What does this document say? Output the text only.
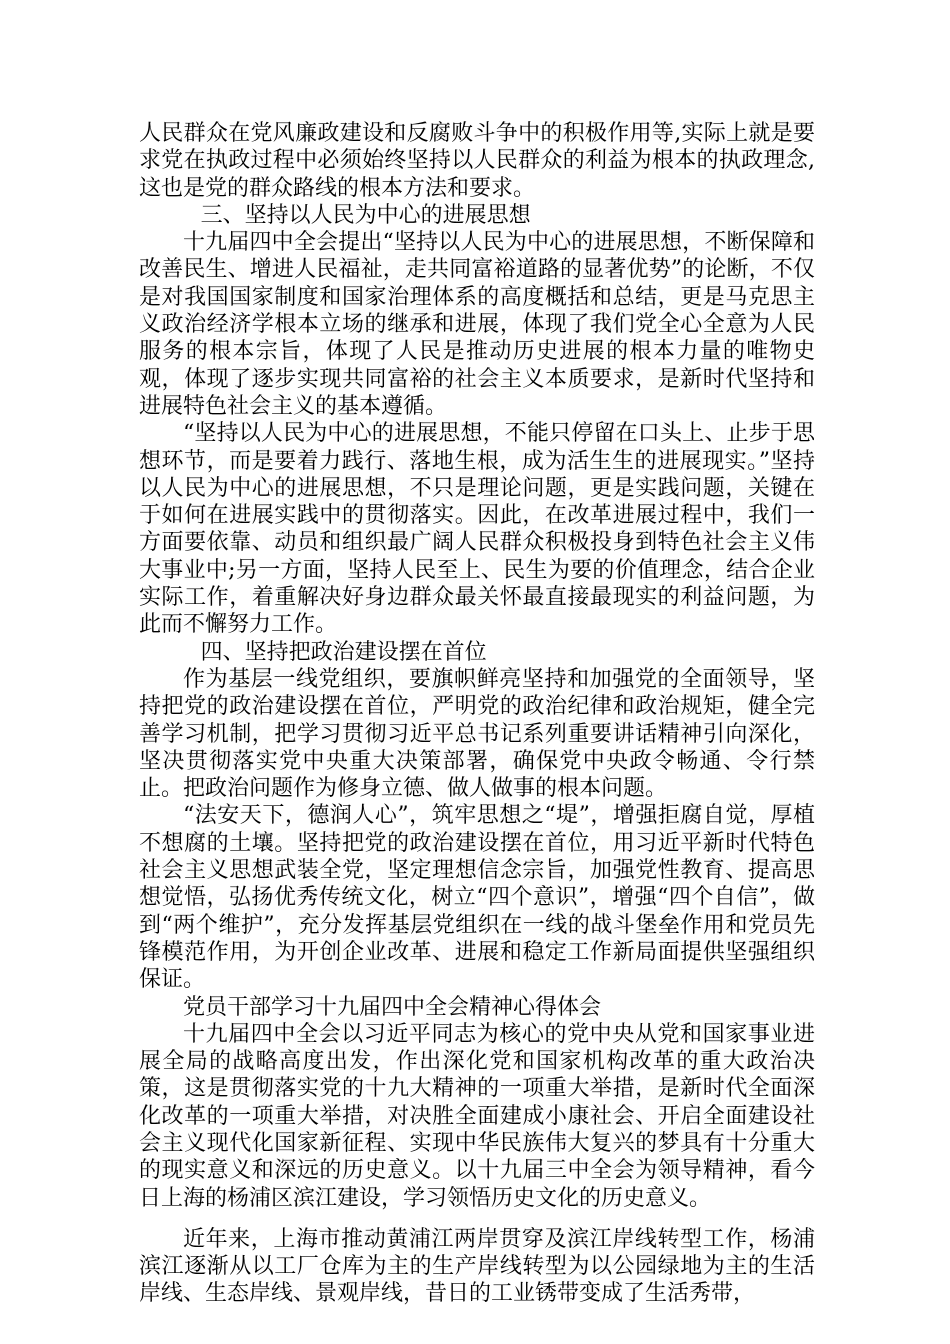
人民群众在党风廉政建设和反腐败斗争中的积极作用等,实际上就是要求党在执政过程中必须始终坚持以人民群众的利益为根本的执政理念,这也是党的群众路线的根本方法和要求。

三、坚持以人民为中心的进展思想

十九届四中全会提出“坚持以人民为中心的进展思想，不断保障和改善民生、增进人民福祉，走共同富裕道路的显著优势”的论断，不仅是对我国国家制度和国家治理体系的高度概括和总结，更是马克思主义政治经济学根本立场的继承和进展，体现了我们党全心全意为人民服务的根本宗旨，体现了人民是推动历史进展的根本力量的唯物史观，体现了逐步实现共同富裕的社会主义本质要求，是新时代坚持和进展特色社会主义的基本遵循。

“坚持以人民为中心的进展思想，不能只停留在口头上、止步于思想环节，而是要着力践行、落地生根，成为活生生的进展现实。”坚持以人民为中心的进展思想，不只是理论问题，更是实践问题，关键在于如何在进展实践中的贯彻落实。因此，在改革进展过程中，我们一方面要依靠、动员和组织最广阔人民群众积极投身到特色社会主义伟大事业中;另一方面，坚持人民至上、民生为要的价值理念，结合企业实际工作，着重解决好身边群众最关怀最直接最现实的利益问题，为此而不懈努力工作。

四、坚持把政治建设摆在首位

作为基层一线党组织，要旗帜鲜亮坚持和加强党的全面领导，坚持把党的政治建设摆在首位，严明党的政治纪律和政治规矩，健全完善学习机制，把学习贯彻习近平总书记系列重要讲话精神引向深化，坚决贯彻落实党中央重大决策部署，确保党中央政令畅通、令行禁止。把政治问题作为修身立德、做人做事的根本问题。

“法安天下，德润人心”，筑牢思想之“堤”，增强拒腐自觉，厚植不想腐的土壤。坚持把党的政治建设摆在首位，用习近平新时代特色社会主义思想武装全党，坚定理想信念宗旨，加强党性教育、提高思想觉悟，弘扬优秀传统文化，树立“四个意识”，增强“四个自信”，做到“两个维护”，充分发挥基层党组织在一线的战斗堡垒作用和党员先锋模范作用，为开创企业改革、进展和稳定工作新局面提供坚强组织保证。

党员干部学习十九届四中全会精神心得体会

十九届四中全会以习近平同志为核心的党中央从党和国家事业进展全局的战略高度出发，作出深化党和国家机构改革的重大政治决策，这是贯彻落实党的十九大精神的一项重大举措，是新时代全面深化改革的一项重大举措，对决胜全面建成小康社会、开启全面建设社会主义现代化国家新征程、实现中华民族伟大复兴的梦具有十分重大的现实意义和深远的历史意义。以十九届三中全会为领导精神，看今日上海的杨浦区滨江建设，学习领悟历史文化的历史意义。

近年来，上海市推动黄浦江两岸贯穿及滨江岸线转型工作，杨浦滨江逐渐从以工厂仓库为主的生产岸线转型为以公园绿地为主的生活岸线、生态岸线、景观岸线，昔日的工业锈带变成了生活秀带，
